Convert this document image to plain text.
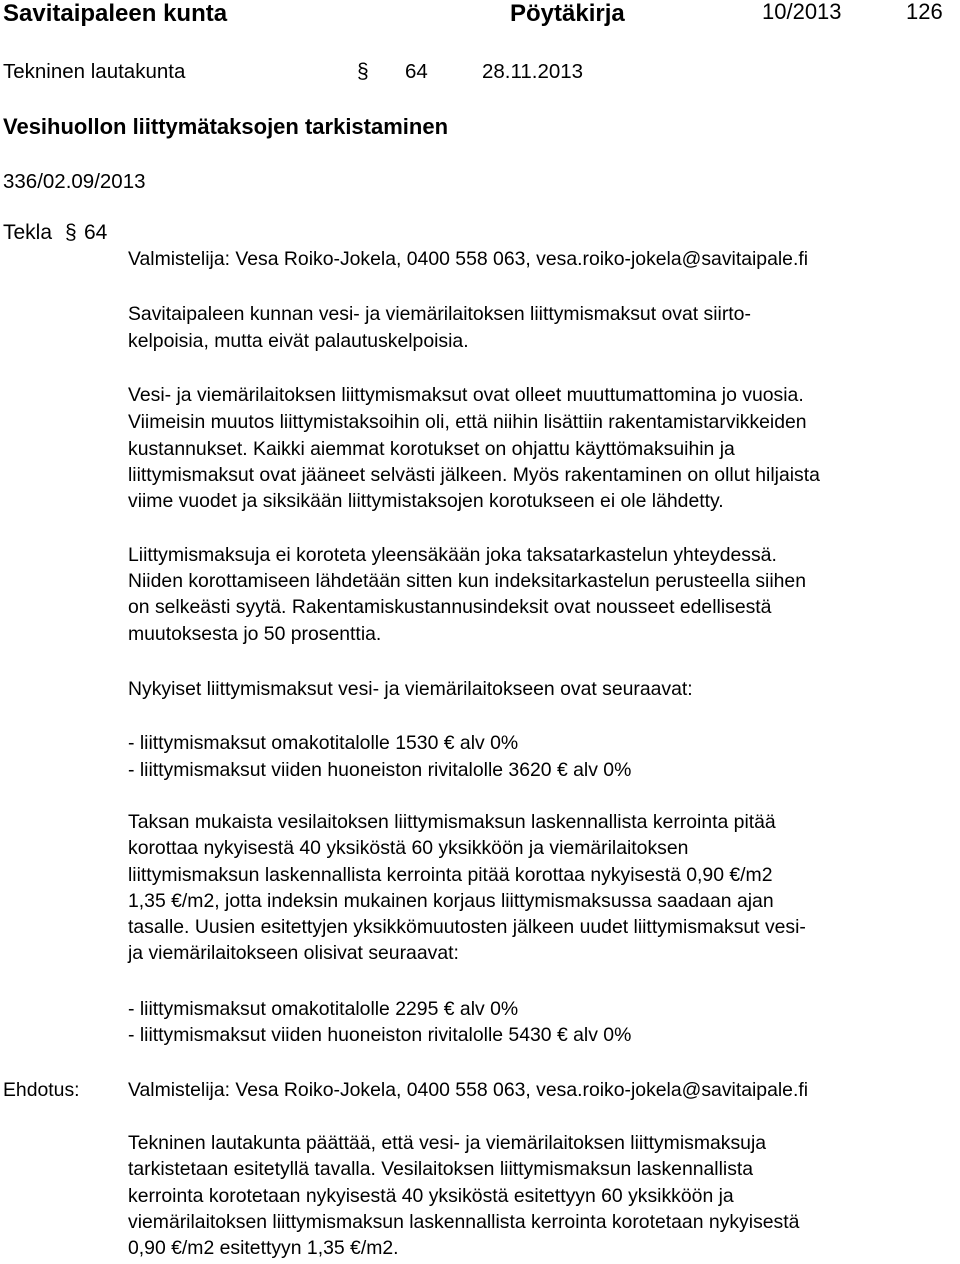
Savitaipaleen kunta	Pöytäkirja	10/2013	126
Tekninen lautakunta	64	28.11.2013
§
Vesihuollon liittymätaksojen tarkistaminen
336/02.09/2013
Tekla § 64
Valmistelija: Vesa Roiko-Jokela, 0400 558 063, vesa.roiko-jokela@savitaipale.fi
Savitaipaleen kunnan vesi- ja viemärilaitoksen liittymismaksut ovat siirto-
kelpoisia, mutta eivät palautuskelpoisia.
Vesi- ja viemärilaitoksen liittymismaksut ovat olleet muuttumattomina jo vuosia.
Viimeisin muutos liittymistaksoihin oli, että niihin lisättiin rakentamistarvikkeiden
kustannukset. Kaikki aiemmat korotukset on ohjattu käyttömaksuihin ja
liittymismaksut ovat jääneet selvästi jälkeen. Myös rakentaminen on ollut hiljaista
viime vuodet ja siksikään liittymistaksojen korotukseen ei ole lähdetty.
Liittymismaksuja ei koroteta yleensäkään joka taksatarkastelun yhteydessä.
Niiden korottamiseen lähdetään sitten kun indeksitarkastelun perusteella siihen
on selkeästi syytä. Rakentamiskustannusindeksit ovat nousseet edellisestä
muutoksesta jo 50 prosenttia.
Nykyiset liittymismaksut vesi- ja viemärilaitokseen ovat seuraavat:
- liittymismaksut omakotitalolle 1530 € alv 0%
- liittymismaksut viiden huoneiston rivitalolle 3620 € alv 0%
Taksan mukaista vesilaitoksen liittymismaksun laskennallista kerrointa pitää
korottaa nykyisestä 40 yksiköstä 60 yksikköön ja viemärilaitoksen
liittymismaksun laskennallista kerrointa pitää korottaa nykyisestä 0,90 €/m2
1,35 €/m2, jotta indeksin mukainen korjaus liittymismaksussa saadaan ajan
tasalle. Uusien esitettyjen yksikkömuutosten jälkeen uudet liittymismaksut vesi-
ja viemärilaitokseen olisivat seuraavat:
- liittymismaksut omakotitalolle 2295 € alv 0%
- liittymismaksut viiden huoneiston rivitalolle 5430 € alv 0%
Ehdotus: Valmistelija: Vesa Roiko-Jokela, 0400 558 063, vesa.roiko-jokela@savitaipale.fi
Tekninen lautakunta päättää, että vesi- ja viemärilaitoksen liittymismaksuja
tarkistetaan esitetyllä tavalla. Vesilaitoksen liittymismaksun laskennallista
kerrointa korotetaan nykyisestä 40 yksiköstä esitettyyn 60 yksikköön ja
viemärilaitoksen liittymismaksun laskennallista kerrointa korotetaan nykyisestä
0,90 €/m2 esitettyyn 1,35 €/m2.
